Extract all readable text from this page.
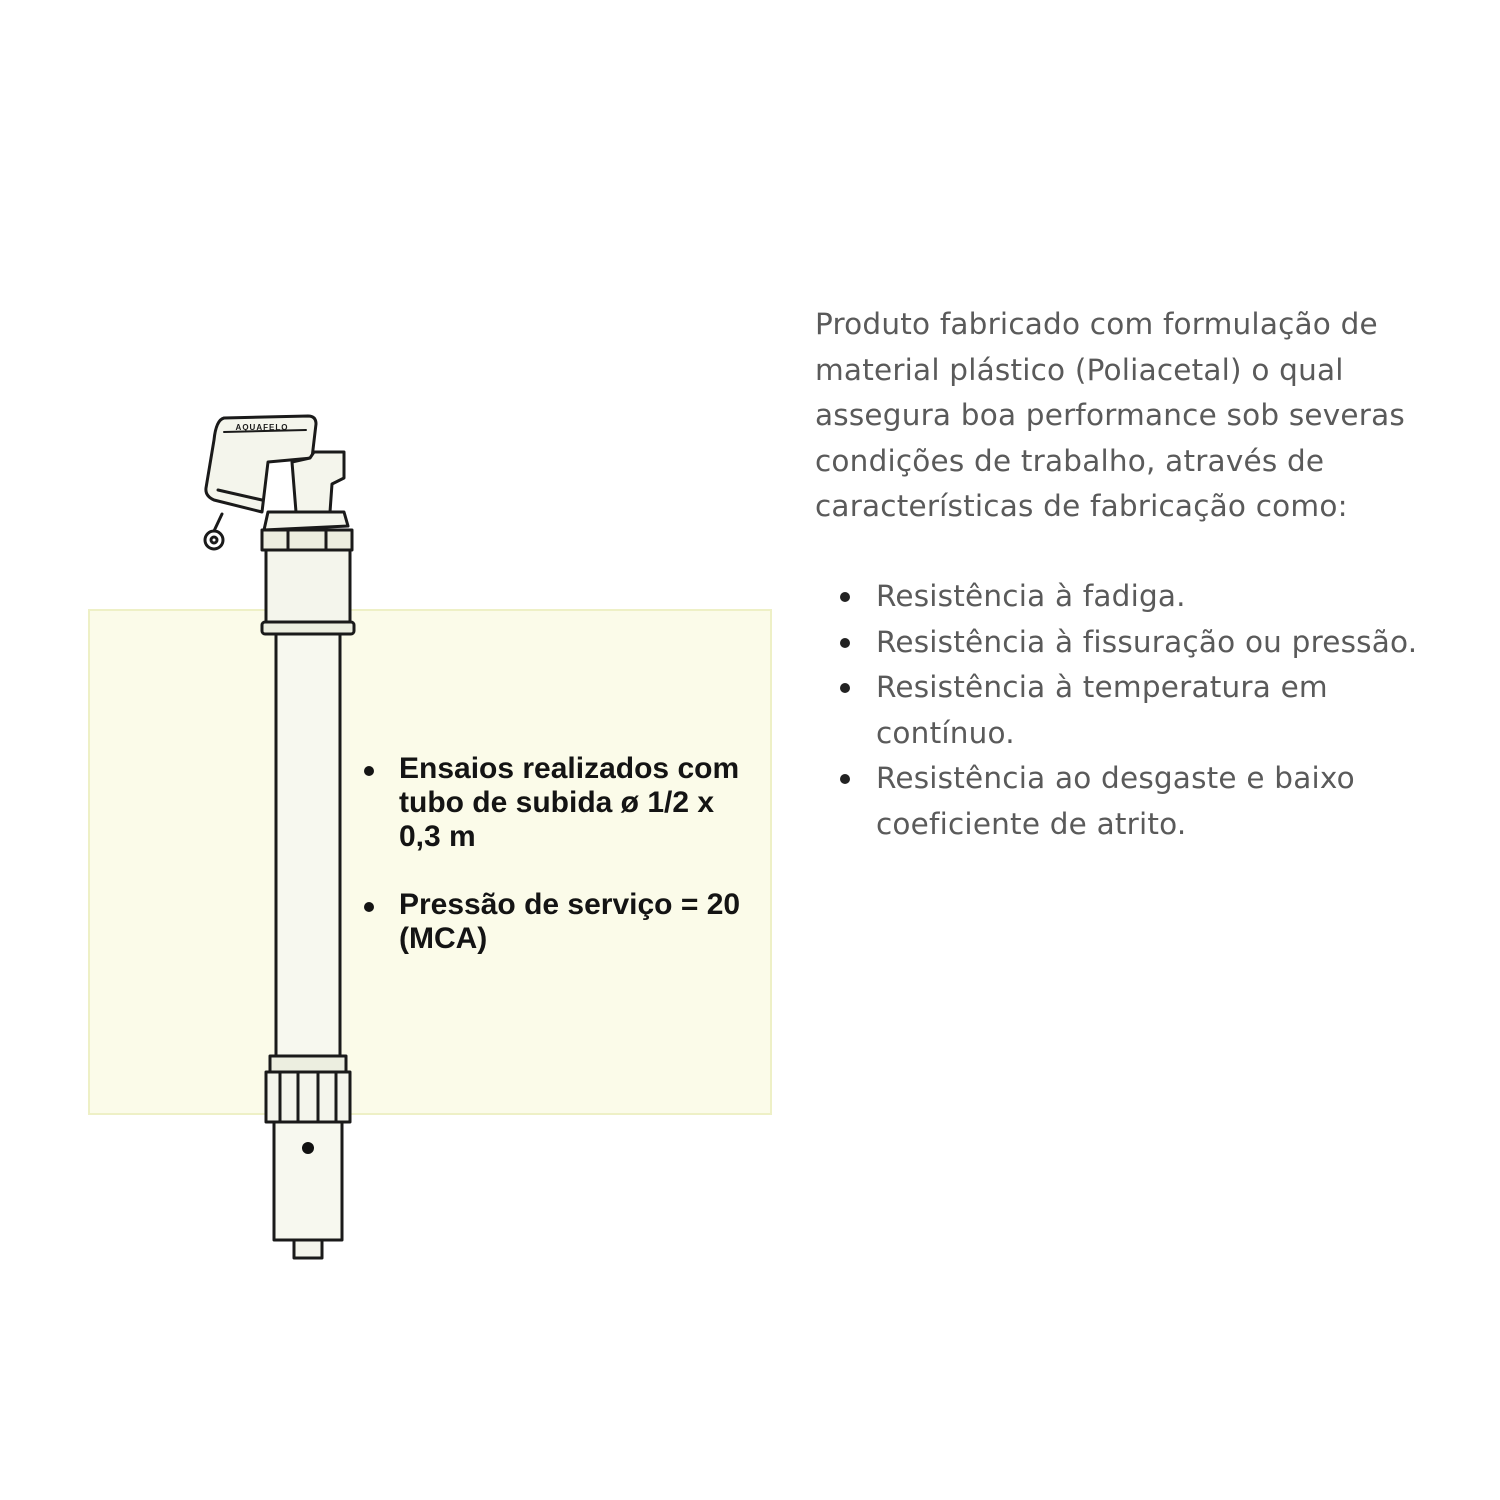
AQUAFELO
Ensaios realizados com tubo de subida ø 1/2 x 0,3 m
Pressão de serviço = 20 (MCA)

Produto fabricado com formulação de material plástico (Poliacetal) o qual assegura boa performance sob severas condições de trabalho, através de características de fabricação como:

Resistência à fadiga.
Resistência à fissuração ou pressão.
Resistência à temperatura em contínuo.
Resistência ao desgaste e baixo coeficiente de atrito.
